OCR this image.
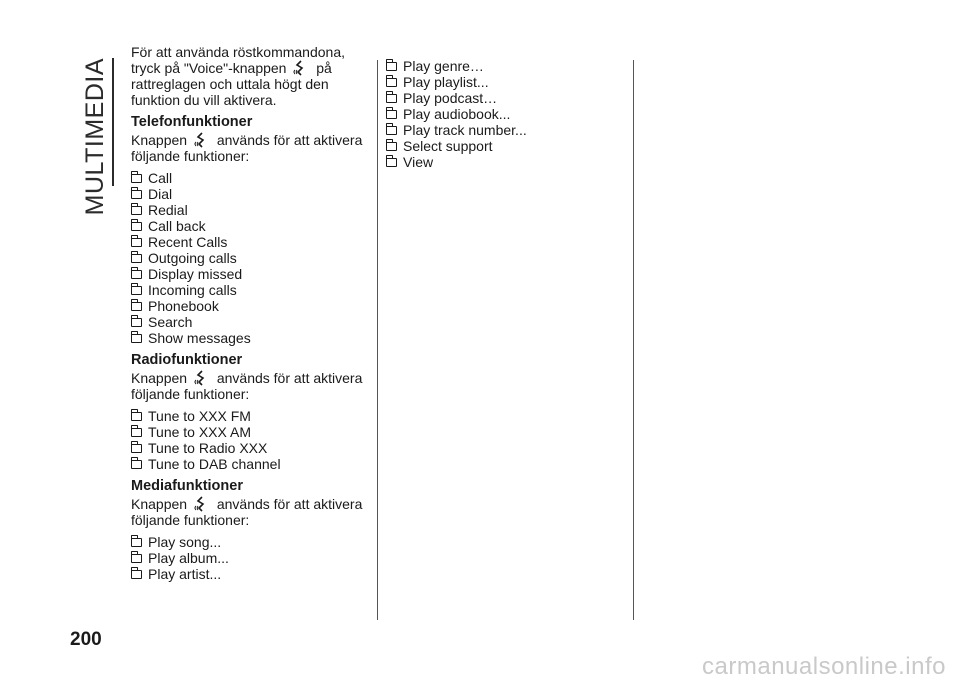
MULTIMEDIA

För att använda röstkommandona, tryck på "Voice"-knappen på rattreglagen och uttala högt den funktion du vill aktivera.

Telefonfunktioner

Knappen används för att aktivera följande funktioner:

Call
Dial
Redial
Call back
Recent Calls
Outgoing calls
Display missed
Incoming calls
Phonebook
Search
Show messages
Radiofunktioner

Knappen används för att aktivera följande funktioner:

Tune to XXX FM
Tune to XXX AM
Tune to Radio XXX
Tune to DAB channel
Mediafunktioner

Knappen används för att aktivera följande funktioner:

Play song...
Play album...
Play artist...
Play genre…
Play playlist...
Play podcast…
Play audiobook...
Play track number...
Select support
View
200
carmanualsonline.info
